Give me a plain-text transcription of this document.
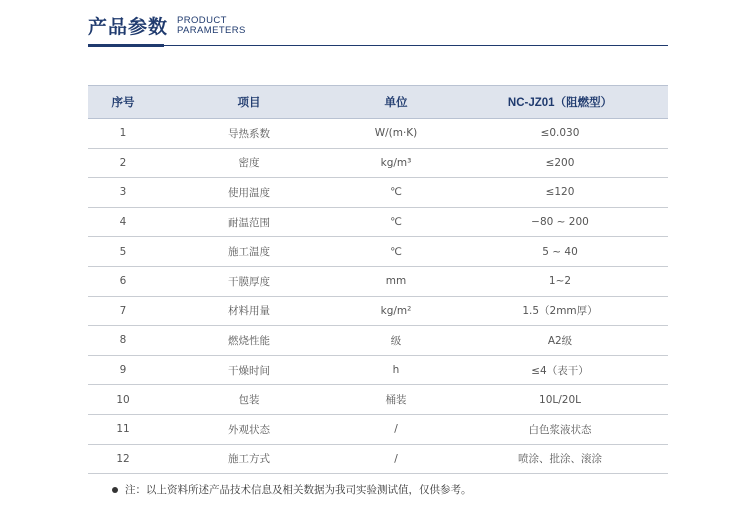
产品参数 PRODUCT
PARAMETERS
序号	项目	单位	NC-JZ01（阻燃型）
1	导热系数	W/(m·K)	≤0.030
2	密度	kg/m³	≤200
3	使用温度	℃	≤120
4	耐温范围	℃	−80 ~ 200
5	施工温度	℃	5 ~ 40
6	干膜厚度	mm	1~2
7	材料用量	kg/m²	1.5（2mm厚）
8	燃烧性能	级	A2级
9	干燥时间	h	≤4（表干）
10	包装	桶装	10L/20L
11	外观状态	/	白色浆液状态
12	施工方式	/	喷涂、批涂、滚涂
注：以上资料所述产品技术信息及相关数据为我司实验测试值，仅供参考。
